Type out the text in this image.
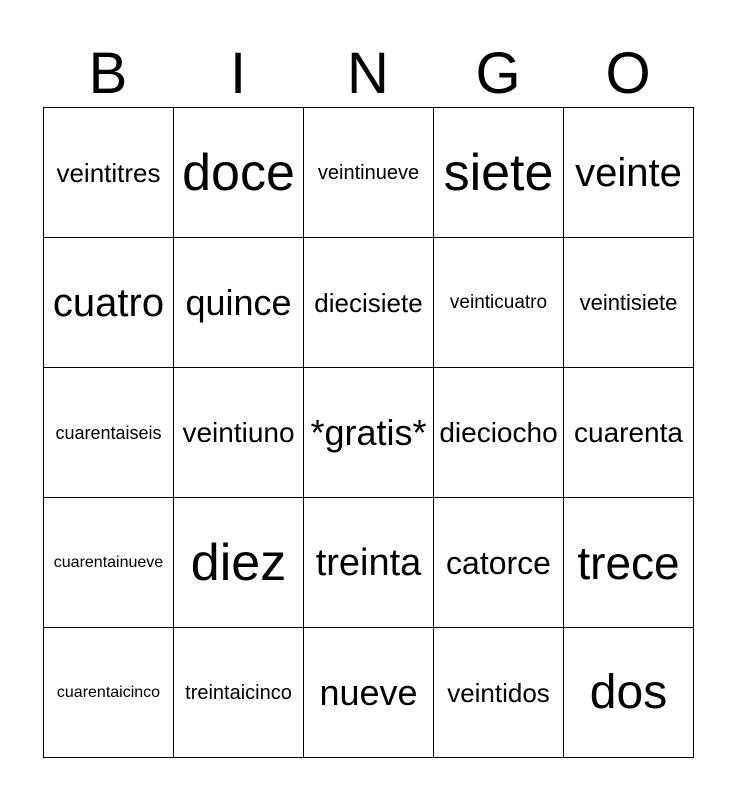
B	I	N	G	O
veintitres doce	veintinueve siete veinte
cuatro quince diecisiete	veinticuatro	veintisiete
cuarentaiseis veintiuno *gratis* dieciocho cuarenta
cuarentainueve diez treinta catorce trece
cuarentaicinco	treintaicinco nueve	veintidos dos
